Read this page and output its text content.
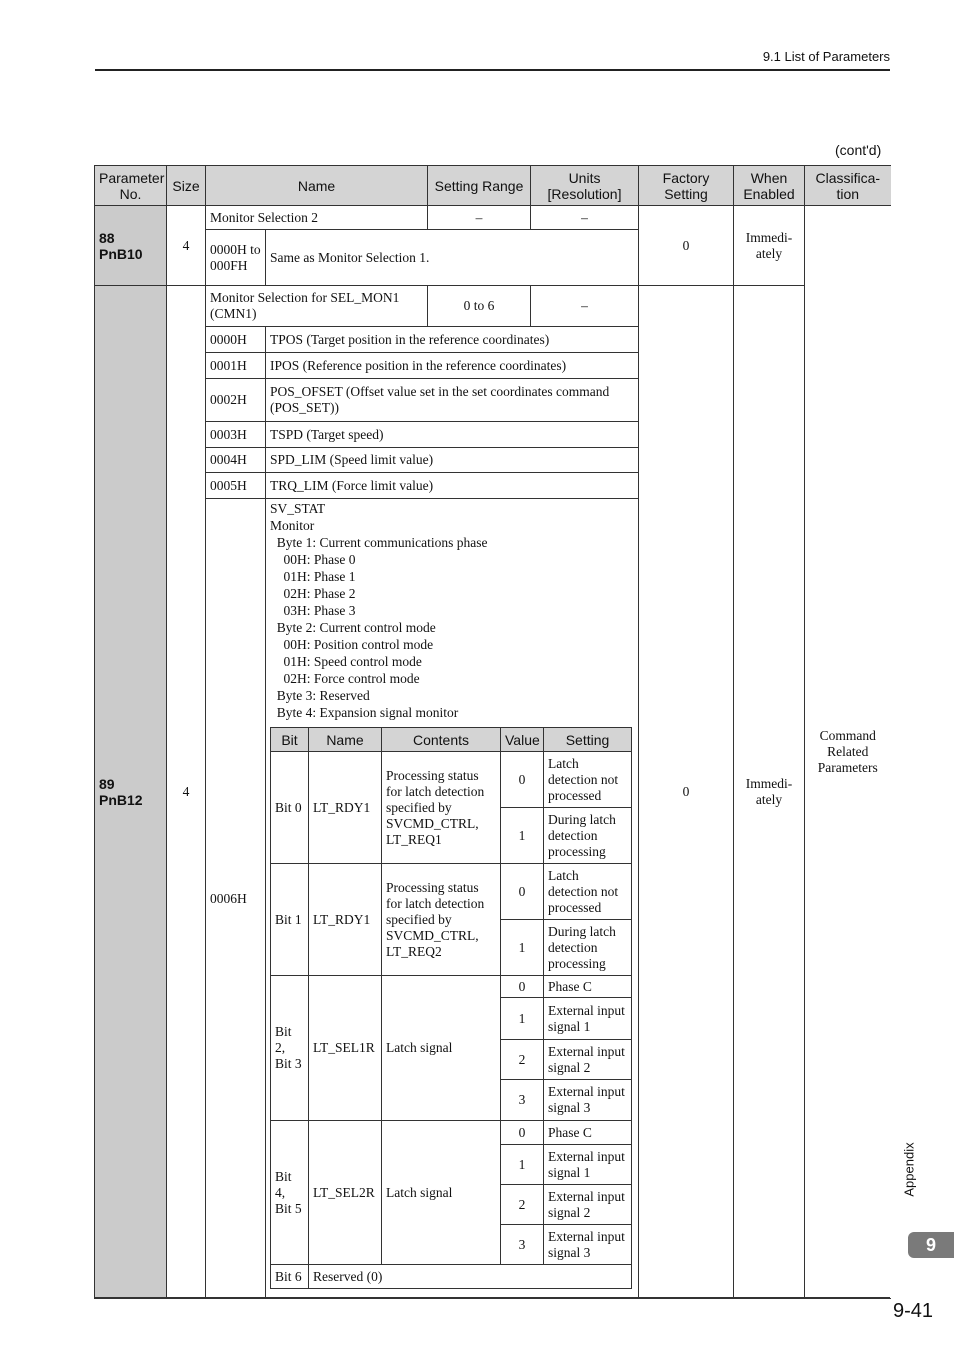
9.1 List of Parameters
(cont'd)
Parameter No.	Size	Name	Setting Range	Units [Resolution]	Factory Setting	When Enabled	Classifica-tion
88
PnB10	4	Monitor Selection 2	–	–	0	Immedi-ately	Command Related Parameters
0000H to 000FH	Same as Monitor Selection 1.
89
PnB12	4	Monitor Selection for SEL_MON1 (CMN1)	0 to 6	–	0	Immedi-ately
0000H	TPOS (Target position in the reference coordinates)
0001H	IPOS (Reference position in the reference coordinates)
0002H	POS_OFSET (Offset value set in the set coordinates command (POS_SET))
0003H	TSPD (Target speed)
0004H	SPD_LIM (Speed limit value)
0005H	TRQ_LIM (Force limit value)
0006H	
SV_STAT
Monitor
Byte 1: Current communications phase
00H: Phase 0
01H: Phase 1
02H: Phase 2
03H: Phase 3
Byte 2: Current control mode
00H: Position control mode
01H: Speed control mode
02H: Force control mode
Byte 3: Reserved
Byte 4: Expansion signal monitor
Bit	Name	Contents	Value	Setting
Bit 0	LT_RDY1	Processing status for latch detection specified by SVCMD_CTRL, LT_REQ1	0	Latch detection not processed
1	During latch detection processing
Bit 1	LT_RDY1	Processing status for latch detection specified by SVCMD_CTRL, LT_REQ2	0	Latch detection not processed
1	During latch detection processing
Bit 2, Bit 3	LT_SEL1R	Latch signal	0	Phase C
1	External input signal 1
2	External input signal 2
3	External input signal 3
Bit 4, Bit 5	LT_SEL2R	Latch signal	0	Phase C
1	External input signal 1
2	External input signal 2
3	External input signal 3
Bit 6	Reserved (0)
Appendix
9
9-41
